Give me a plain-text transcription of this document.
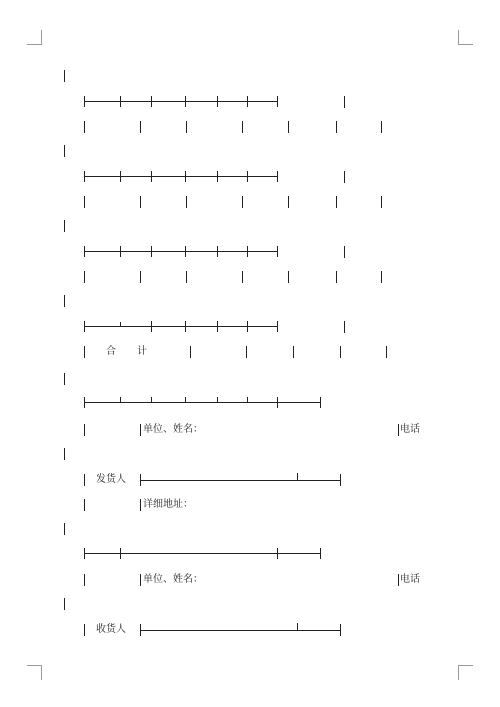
合 计
单位、姓名：	电话
发货人
详细地址：
单位、姓名：	电话
收货人
